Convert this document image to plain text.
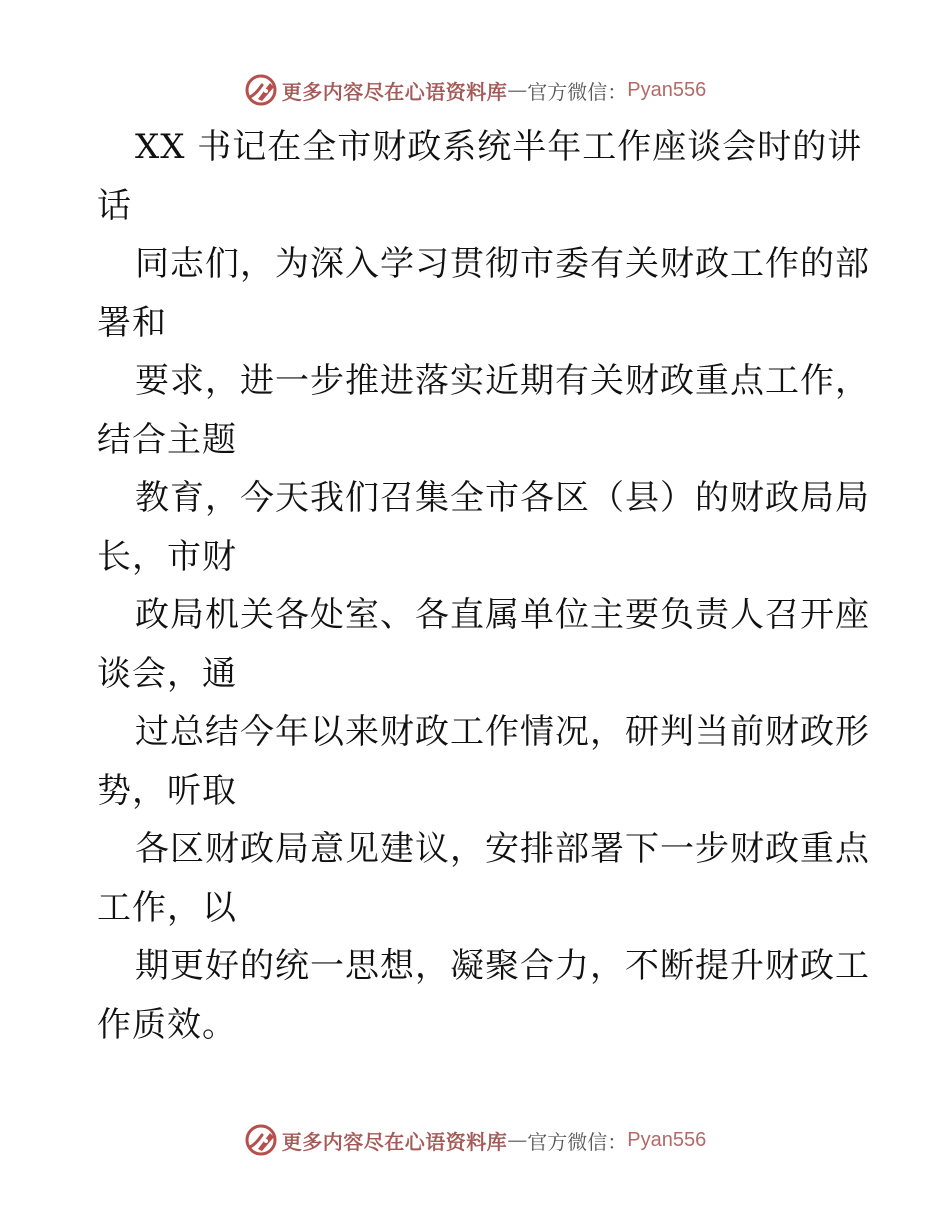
更多内容尽在心语资料库 — 官方微信： Pyan556
XX 书记在全市财政系统半年工作座谈会时的讲
话
同志们，为深入学习贯彻市委有关财政工作的部
署和
要求，进一步推进落实近期有关财政重点工作，
结合主题
教育，今天我们召集全市各区（县）的财政局局
长，市财
政局机关各处室、各直属单位主要负责人召开座
谈会，通
过总结今年以来财政工作情况，研判当前财政形
势，听取
各区财政局意见建议，安排部署下一步财政重点
工作，以
期更好的统一思想，凝聚合力，不断提升财政工
作质效。
更多内容尽在心语资料库 — 官方微信： Pyan556
